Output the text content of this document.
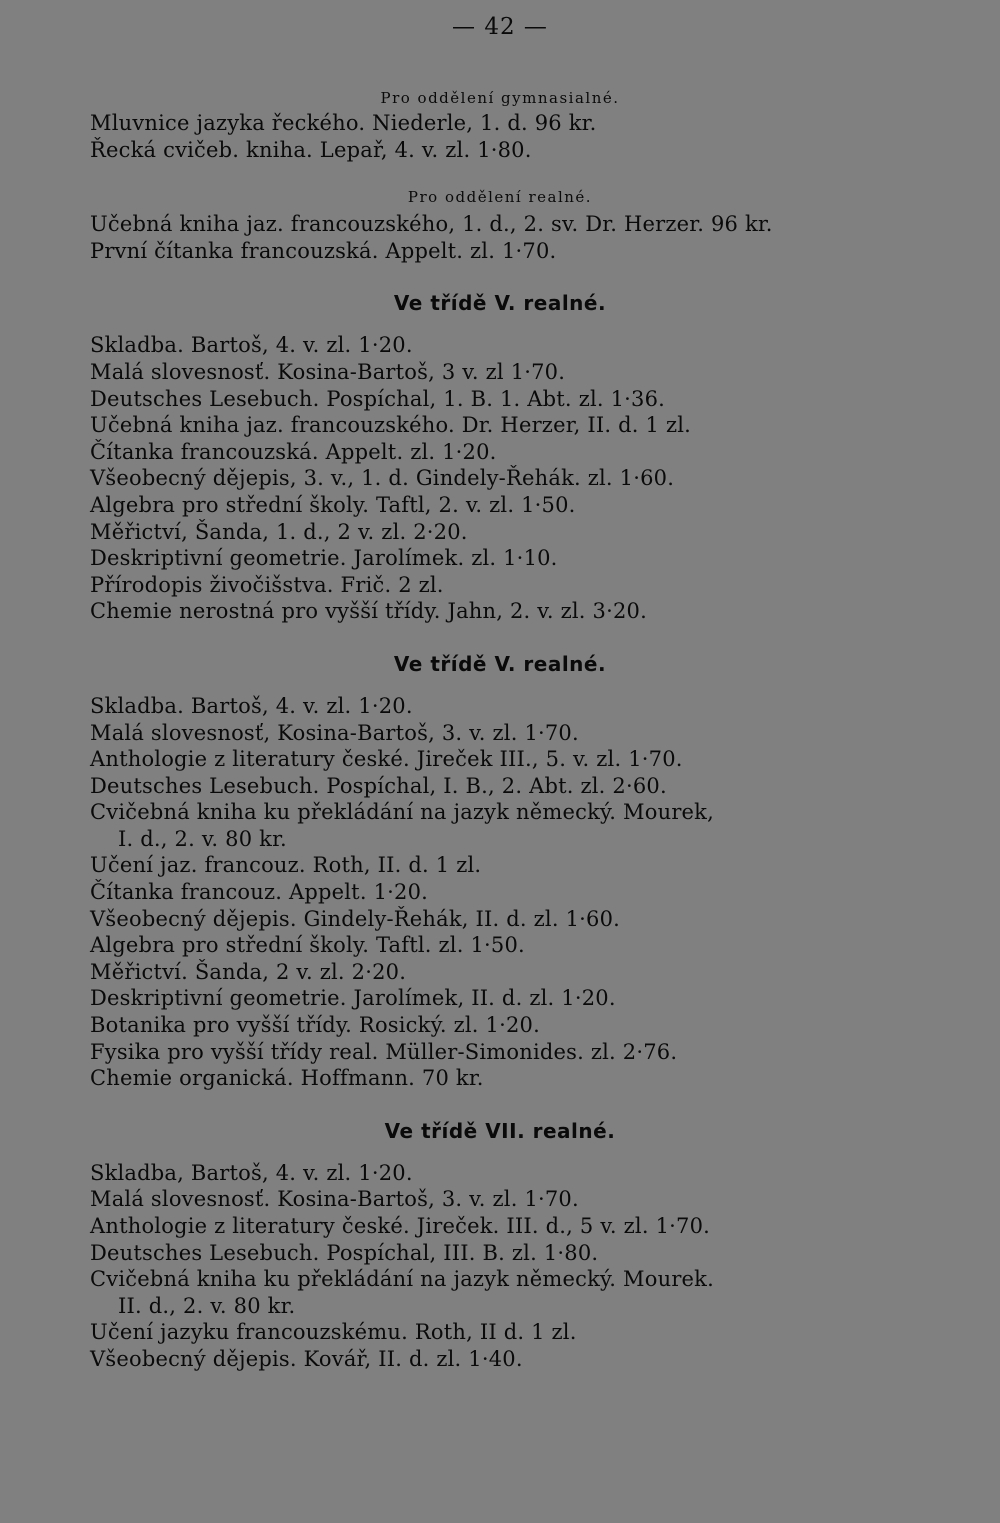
— 42 —
Pro oddělení gymnasialné.
Mluvnice jazyka řeckého. Niederle, 1. d. 96 kr.
Řecká cvičeb. kniha. Lepař, 4. v. zl. 1·80.
Pro oddělení realné.
Učebná kniha jaz. francouzského, 1. d., 2. sv. Dr. Herzer. 96 kr.
První čítanka francouzská. Appelt. zl. 1·70.
Ve třídě V. realné.
Skladba. Bartoš, 4. v. zl. 1·20.
Malá slovesnosť. Kosina-Bartoš, 3 v. zl 1·70.
Deutsches Lesebuch. Pospíchal, 1. B. 1. Abt. zl. 1·36.
Učebná kniha jaz. francouzského. Dr. Herzer, II. d. 1 zl.
Čítanka francouzská. Appelt. zl. 1·20.
Všeobecný dějepis, 3. v., 1. d. Gindely-Řehák. zl. 1·60.
Algebra pro střední školy. Taftl, 2. v. zl. 1·50.
Měřictví, Šanda, 1. d., 2 v. zl. 2·20.
Deskriptivní geometrie. Jarolímek. zl. 1·10.
Přírodopis živočišstva. Frič. 2 zl.
Chemie nerostná pro vyšší třídy. Jahn, 2. v. zl. 3·20.
Ve třídě V. realné.
Skladba. Bartoš, 4. v. zl. 1·20.
Malá slovesnosť, Kosina-Bartoš, 3. v. zl. 1·70.
Anthologie z literatury české. Jireček III., 5. v. zl. 1·70.
Deutsches Lesebuch. Pospíchal, I. B., 2. Abt. zl. 2·60.
Cvičebná kniha ku překládání na jazyk německý. Mourek,
I. d., 2. v. 80 kr.
Učení jaz. francouz. Roth, II. d. 1 zl.
Čítanka francouz. Appelt. 1·20.
Všeobecný dějepis. Gindely-Řehák, II. d. zl. 1·60.
Algebra pro střední školy. Taftl. zl. 1·50.
Měřictví. Šanda, 2 v. zl. 2·20.
Deskriptivní geometrie. Jarolímek, II. d. zl. 1·20.
Botanika pro vyšší třídy. Rosický. zl. 1·20.
Fysika pro vyšší třídy real. Müller-Simonides. zl. 2·76.
Chemie organická. Hoffmann. 70 kr.
Ve třídě VII. realné.
Skladba, Bartoš, 4. v. zl. 1·20.
Malá slovesnosť. Kosina-Bartoš, 3. v. zl. 1·70.
Anthologie z literatury české. Jireček. III. d., 5 v. zl. 1·70.
Deutsches Lesebuch. Pospíchal, III. B. zl. 1·80.
Cvičebná kniha ku překládání na jazyk německý. Mourek.
II. d., 2. v. 80 kr.
Učení jazyku francouzskému. Roth, II d. 1 zl.
Všeobecný dějepis. Kovář, II. d. zl. 1·40.
